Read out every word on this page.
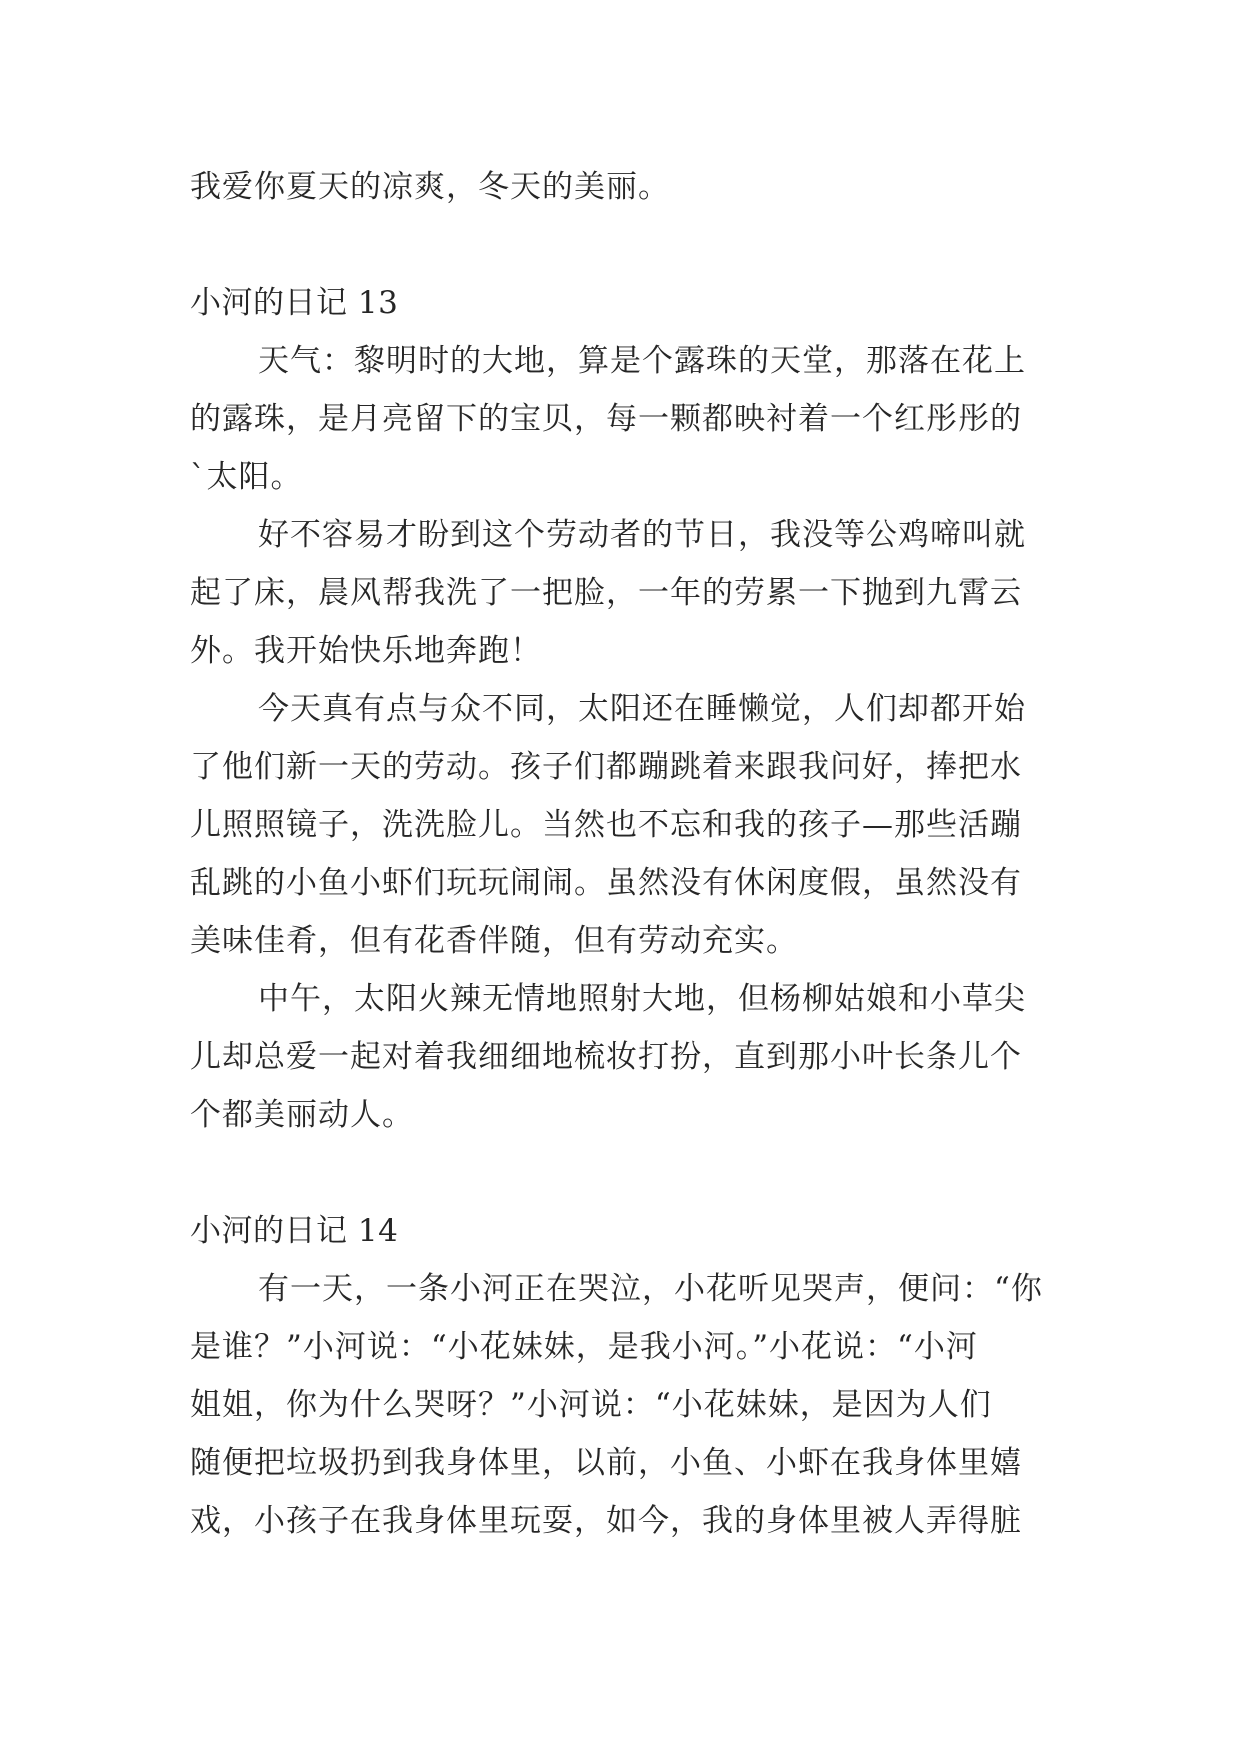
我爱你夏天的凉爽，冬天的美丽。
小河的日记 13
天气：黎明时的大地，算是个露珠的天堂，那落在花上
的露珠，是月亮留下的宝贝，每一颗都映衬着一个红彤彤的
`太阳。
好不容易才盼到这个劳动者的节日，我没等公鸡啼叫就
起了床，晨风帮我洗了一把脸，一年的劳累一下抛到九霄云
外。我开始快乐地奔跑！
今天真有点与众不同，太阳还在睡懒觉，人们却都开始
了他们新一天的劳动。孩子们都蹦跳着来跟我问好，捧把水
儿照照镜子，洗洗脸儿。当然也不忘和我的孩子—那些活蹦
乱跳的小鱼小虾们玩玩闹闹。虽然没有休闲度假，虽然没有
美味佳肴，但有花香伴随，但有劳动充实。
中午，太阳火辣无情地照射大地，但杨柳姑娘和小草尖
儿却总爱一起对着我细细地梳妆打扮，直到那小叶长条儿个
个都美丽动人。
小河的日记 14
有一天，一条小河正在哭泣，小花听见哭声，便问：“你
是谁？”小河说：“小花妹妹，是我小河。”小花说：“小河
姐姐，你为什么哭呀？”小河说：“小花妹妹，是因为人们
随便把垃圾扔到我身体里，以前，小鱼、小虾在我身体里嬉
戏，小孩子在我身体里玩耍，如今，我的身体里被人弄得脏
